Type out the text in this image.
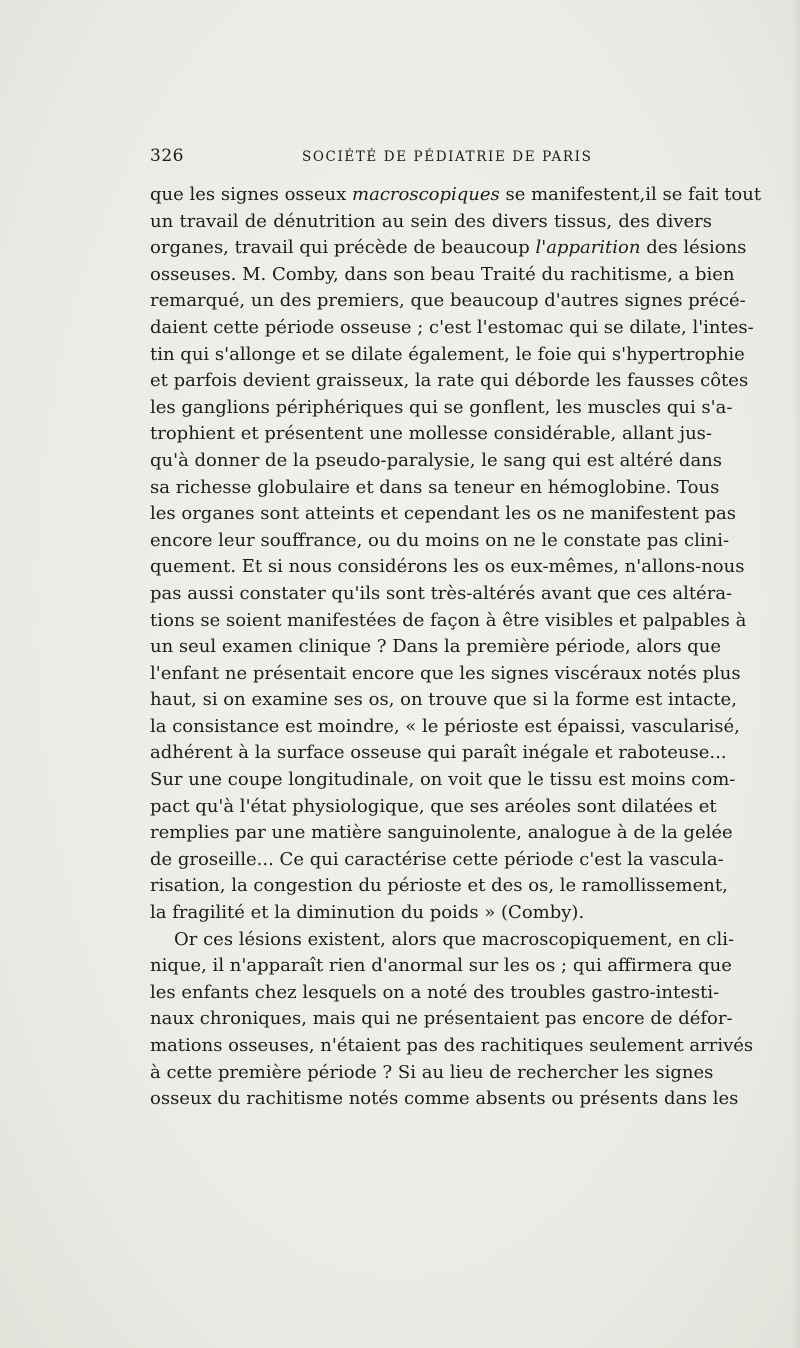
326	SOCIÉTÉ DE PÉDIATRIE DE PARIS
que les signes osseux macroscopiques se manifestent,il se fait tout
un travail de dénutrition au sein des divers tissus, des divers
organes, travail qui précède de beaucoup l'apparition des lésions
osseuses. M. Comby, dans son beau Traité du rachitisme, a bien
remarqué, un des premiers, que beaucoup d'autres signes précé-
daient cette période osseuse ; c'est l'estomac qui se dilate, l'intes-
tin qui s'allonge et se dilate également, le foie qui s'hypertrophie
et parfois devient graisseux, la rate qui déborde les fausses côtes
les ganglions périphériques qui se gonflent, les muscles qui s'a-
trophient et présentent une mollesse considérable, allant jus-
qu'à donner de la pseudo-paralysie, le sang qui est altéré dans
sa richesse globulaire et dans sa teneur en hémoglobine. Tous
les organes sont atteints et cependant les os ne manifestent pas
encore leur souffrance, ou du moins on ne le constate pas clini-
quement. Et si nous considérons les os eux-mêmes, n'allons-nous
pas aussi constater qu'ils sont très-altérés avant que ces altéra-
tions se soient manifestées de façon à être visibles et palpables à
un seul examen clinique ? Dans la première période, alors que
l'enfant ne présentait encore que les signes viscéraux notés plus
haut, si on examine ses os, on trouve que si la forme est intacte,
la consistance est moindre, « le périoste est épaissi, vascularisé,
adhérent à la surface osseuse qui paraît inégale et raboteuse...
Sur une coupe longitudinale, on voit que le tissu est moins com-
pact qu'à l'état physiologique, que ses aréoles sont dilatées et
remplies par une matière sanguinolente, analogue à de la gelée
de groseille... Ce qui caractérise cette période c'est la vascula-
risation, la congestion du périoste et des os, le ramollissement,
la fragilité et la diminution du poids » (Comby).
Or ces lésions existent, alors que macroscopiquement, en cli-
nique, il n'apparaît rien d'anormal sur les os ; qui affirmera que
les enfants chez lesquels on a noté des troubles gastro-intesti-
naux chroniques, mais qui ne présentaient pas encore de défor-
mations osseuses, n'étaient pas des rachitiques seulement arrivés
à cette première période ? Si au lieu de rechercher les signes
osseux du rachitisme notés comme absents ou présents dans les
